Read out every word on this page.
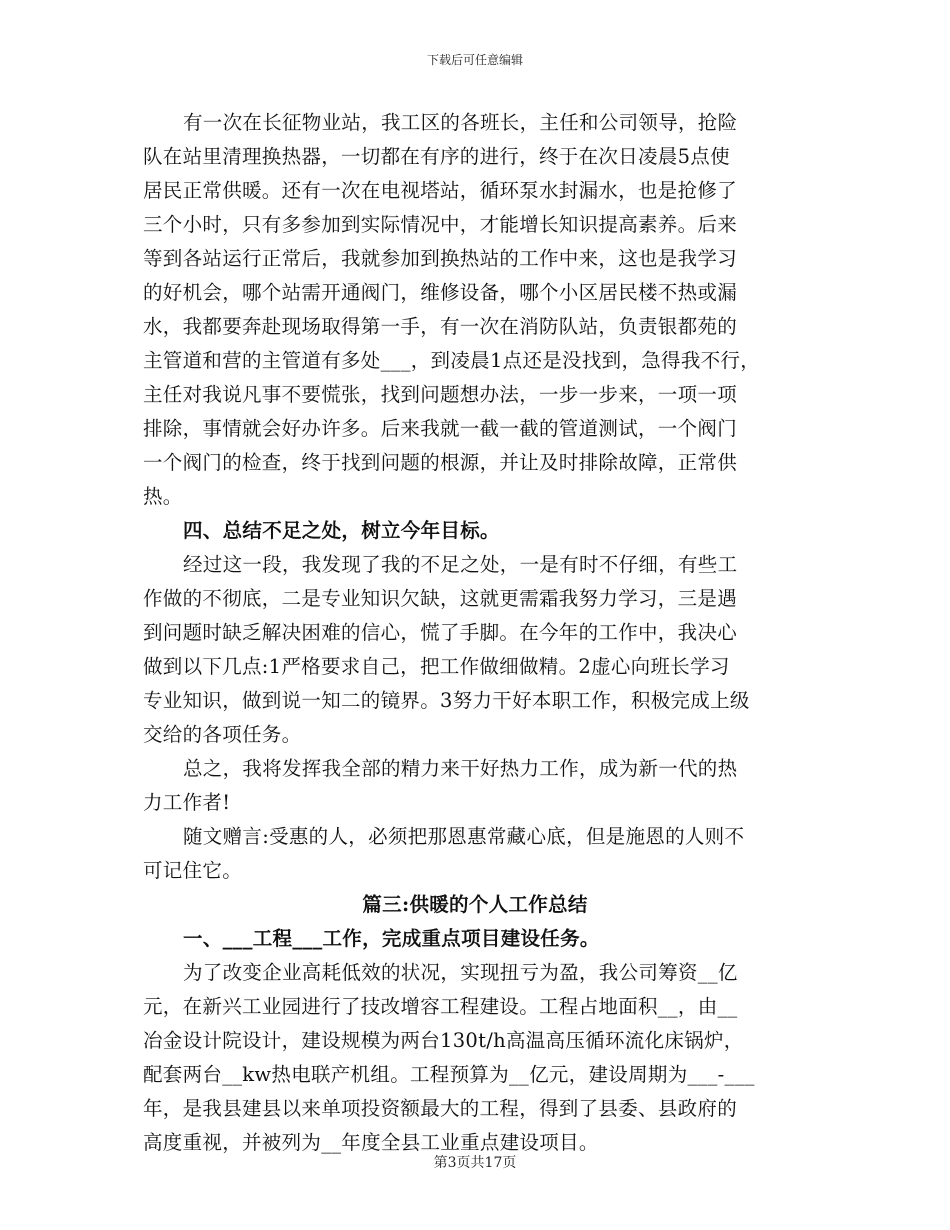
下载后可任意编辑
有一次在长征物业站，我工区的各班长，主任和公司领导，抢险
队在站里清理换热器，一切都在有序的进行，终于在次日凌晨5点使
居民正常供暖。还有一次在电视塔站，循环泵水封漏水，也是抢修了
三个小时，只有多参加到实际情况中，才能增长知识提高素养。后来
等到各站运行正常后，我就参加到换热站的工作中来，这也是我学习
的好机会，哪个站需开通阀门，维修设备，哪个小区居民楼不热或漏
水，我都要奔赴现场取得第一手，有一次在消防队站，负责银都苑的
主管道和营的主管道有多处___，到凌晨1点还是没找到，急得我不行，
主任对我说凡事不要慌张，找到问题想办法，一步一步来，一项一项
排除，事情就会好办许多。后来我就一截一截的管道测试，一个阀门
一个阀门的检查，终于找到问题的根源，并让及时排除故障，正常供
热。
四、总结不足之处，树立今年目标。
经过这一段，我发现了我的不足之处，一是有时不仔细，有些工
作做的不彻底，二是专业知识欠缺，这就更需霜我努力学习，三是遇
到问题时缺乏解决困难的信心，慌了手脚。在今年的工作中，我决心
做到以下几点:1严格要求自己，把工作做细做精。2虚心向班长学习
专业知识，做到说一知二的镜界。3努力干好本职工作，积极完成上级
交给的各项任务。
总之，我将发挥我全部的精力来干好热力工作，成为新一代的热
力工作者!
随文赠言:受惠的人，必须把那恩惠常藏心底，但是施恩的人则不
可记住它。
篇三:供暖的个人工作总结
一、___工程___工作，完成重点项目建设任务。
为了改变企业高耗低效的状况，实现扭亏为盈，我公司筹资__亿
元，在新兴工业园进行了技改增容工程建设。工程占地面积__，由__
冶金设计院设计，建设规模为两台130t/h高温高压循环流化床锅炉，
配套两台__kw热电联产机组。工程预算为__亿元，建设周期为___-___
年，是我县建县以来单项投资额最大的工程，得到了县委、县政府的
高度重视，并被列为__年度全县工业重点建设项目。
第3页共17页
